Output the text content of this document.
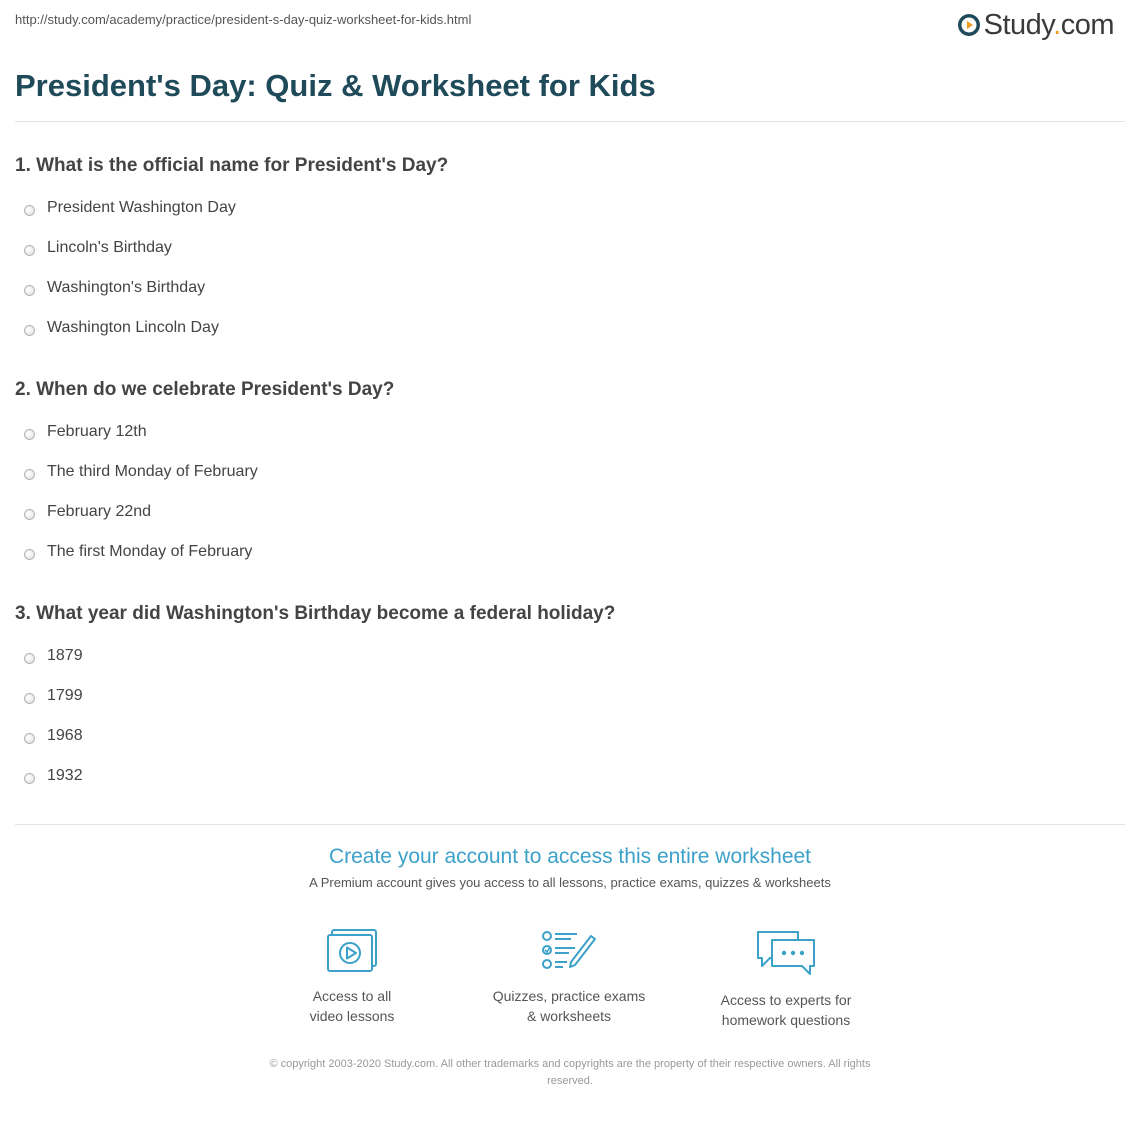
http://study.com/academy/practice/president-s-day-quiz-worksheet-for-kids.html	Study.com
President's Day: Quiz & Worksheet for Kids

1. What is the official name for President's Day?

President Washington Day
Lincoln's Birthday
Washington's Birthday
Washington Lincoln Day

2. When do we celebrate President's Day?

February 12th
The third Monday of February
February 22nd
The first Monday of February

3. What year did Washington's Birthday become a federal holiday?

1879
1799
1968
1932

Create your account to access this entire worksheet

A Premium account gives you access to all lessons, practice exams, quizzes & worksheets
Access to all
video lessons
Quizzes, practice exams
& worksheets
Access to experts for
homework questions
© copyright 2003-2020 Study.com. All other trademarks and copyrights are the property of their respective owners. All rights
reserved.
